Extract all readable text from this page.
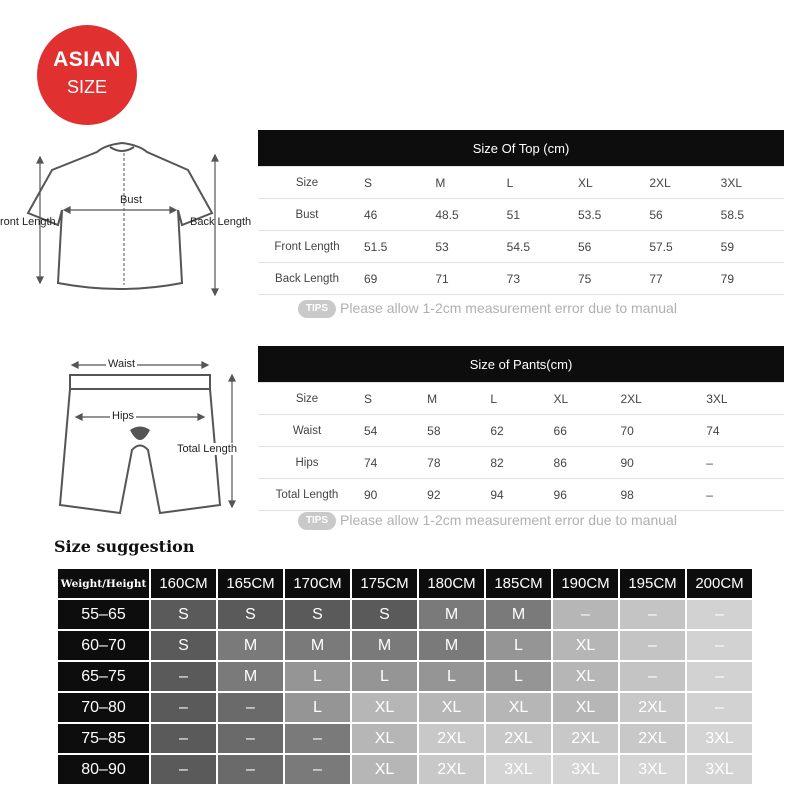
ASIAN
SIZE
Bust
ront Length	Back Length
Size Of Top (cm)						
Size	S	M	L	XL	2XL	3XL
Bust	46	48.5	51	53.5	56	58.5
Front Length	51.5	53	54.5	56	57.5	59
Back Length	69	71	73	75	77	79
TIPS Please allow 1-2cm measurement error due to manual
Waist
Hips
Total Length
Size of Pants(cm)						
Size	S	M	L	XL	2XL	3XL
Waist	54	58	62	66	70	74
Hips	74	78	82	86	90	–
Total Length	90	92	94	96	98	–
TIPS Please allow 1-2cm measurement error due to manual
Size suggestion
Weight/Height	160CM	165CM	170CM	175CM	180CM	185CM	190CM	195CM	200CM
55–65	S	S	S	S	M	M	–	–	–
60–70	S	M	M	M	M	L	XL	–	–
65–75	–	M	L	L	L	L	XL	–	–
70–80	–	–	L	XL	XL	XL	XL	2XL	–
75–85	–	–	–	XL	2XL	2XL	2XL	2XL	3XL
80–90	–	–	–	XL	2XL	3XL	3XL	3XL	3XL
